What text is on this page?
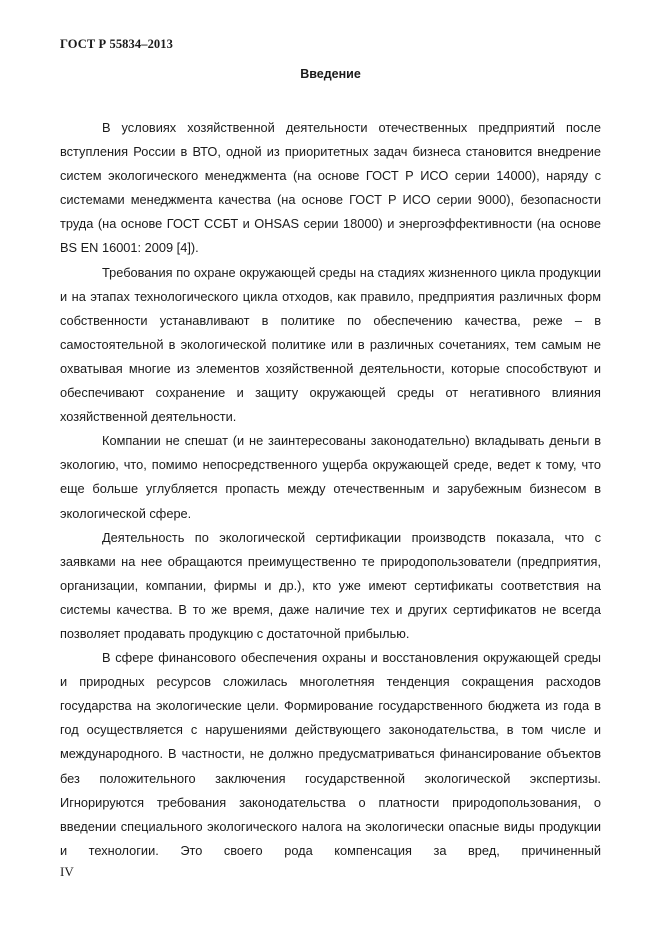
ГОСТ Р 55834–2013
Введение

В условиях хозяйственной деятельности отечественных предприятий после вступления России в ВТО, одной из приоритетных задач бизнеса становится внедрение систем экологического менеджмента (на основе ГОСТ Р ИСО серии 14000), наряду с системами менеджмента качества (на основе ГОСТ Р ИСО серии 9000), безопасности труда (на основе ГОСТ ССБТ и OHSAS серии 18000) и энергоэффективности (на основе BS EN 16001: 2009 [4]).

Требования по охране окружающей среды на стадиях жизненного цикла продукции и на этапах технологического цикла отходов, как правило, предприятия различных форм собственности устанавливают в политике по обеспечению качества, реже – в самостоятельной в экологической политике или в различных сочетаниях, тем самым не охватывая многие из элементов хозяйственной деятельности, которые способствуют и обеспечивают сохранение и защиту окружающей среды от негативного влияния хозяйственной деятельности.

Компании не спешат (и не заинтересованы законодательно) вкладывать деньги в экологию, что, помимо непосредственного ущерба окружающей среде, ведет к тому, что еще больше углубляется пропасть между отечественным и зарубежным бизнесом в экологической сфере.

Деятельность по экологической сертификации производств показала, что с заявками на нее обращаются преимущественно те природопользователи (предприятия, организации, компании, фирмы и др.), кто уже имеют сертификаты соответствия на системы качества. В то же время, даже наличие тех и других сертификатов не всегда позволяет продавать продукцию с достаточной прибылью.

В сфере финансового обеспечения охраны и восстановления окружающей среды и природных ресурсов сложилась многолетняя тенденция сокращения расходов государства на экологические цели. Формирование государственного бюджета из года в год осуществляется с нарушениями действующего законодательства, в том числе и международного. В частности, не должно предусматриваться финансирование объектов без положительного заключения государственной экологической экспертизы. Игнорируются требования законодательства о платности природопользования, о введении специального экологического налога на экологически опасные виды продукции и технологии. Это своего рода компенсация за вред, причиненный

IV
